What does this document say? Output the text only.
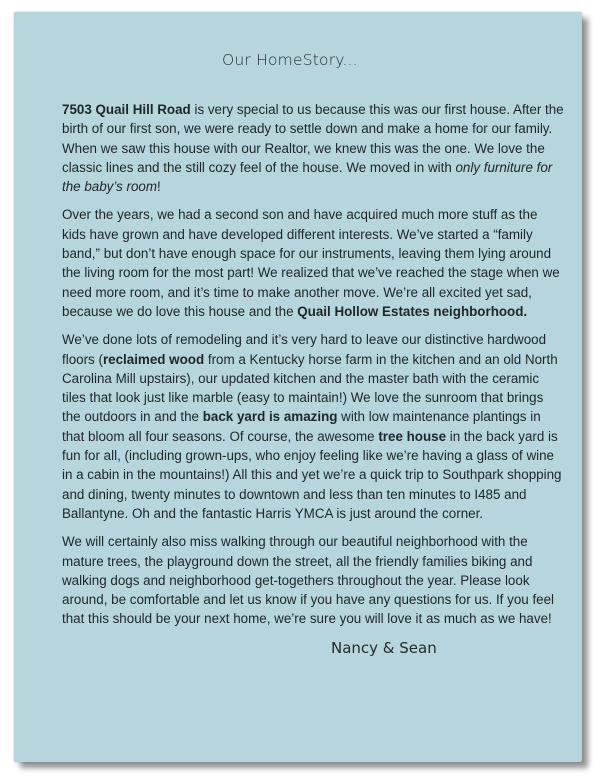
Our HomeStory...

7503 Quail Hill Road is very special to us because this was our first house. After the birth of our first son, we were ready to settle down and make a home for our family. When we saw this house with our Realtor, we knew this was the one. We love the classic lines and the still cozy feel of the house. We moved in with only furniture for the baby’s room!

Over the years, we had a second son and have acquired much more stuff as the kids have grown and have developed different interests. We’ve started a “family band,” but don’t have enough space for our instruments, leaving them lying around the living room for the most part! We realized that we’ve reached the stage when we need more room, and it’s time to make another move. We’re all excited yet sad, because we do love this house and the Quail Hollow Estates neighborhood.

We’ve done lots of remodeling and it’s very hard to leave our distinctive hardwood floors (reclaimed wood from a Kentucky horse farm in the kitchen and an old North Carolina Mill upstairs), our updated kitchen and the master bath with the ceramic tiles that look just like marble (easy to maintain!) We love the sunroom that brings the outdoors in and the back yard is amazing with low maintenance plantings in that bloom all four seasons. Of course, the awesome tree house in the back yard is fun for all, (including grown-ups, who enjoy feeling like we’re having a glass of wine in a cabin in the mountains!) All this and yet we’re a quick trip to Southpark shopping and dining, twenty minutes to downtown and less than ten minutes to I485 and Ballantyne. Oh and the fantastic Harris YMCA is just around the corner.

We will certainly also miss walking through our beautiful neighborhood with the mature trees, the playground down the street, all the friendly families biking and walking dogs and neighborhood get-togethers throughout the year. Please look around, be comfortable and let us know if you have any questions for us. If you feel that this should be your next home, we’re sure you will love it as much as we have!

Nancy & Sean
